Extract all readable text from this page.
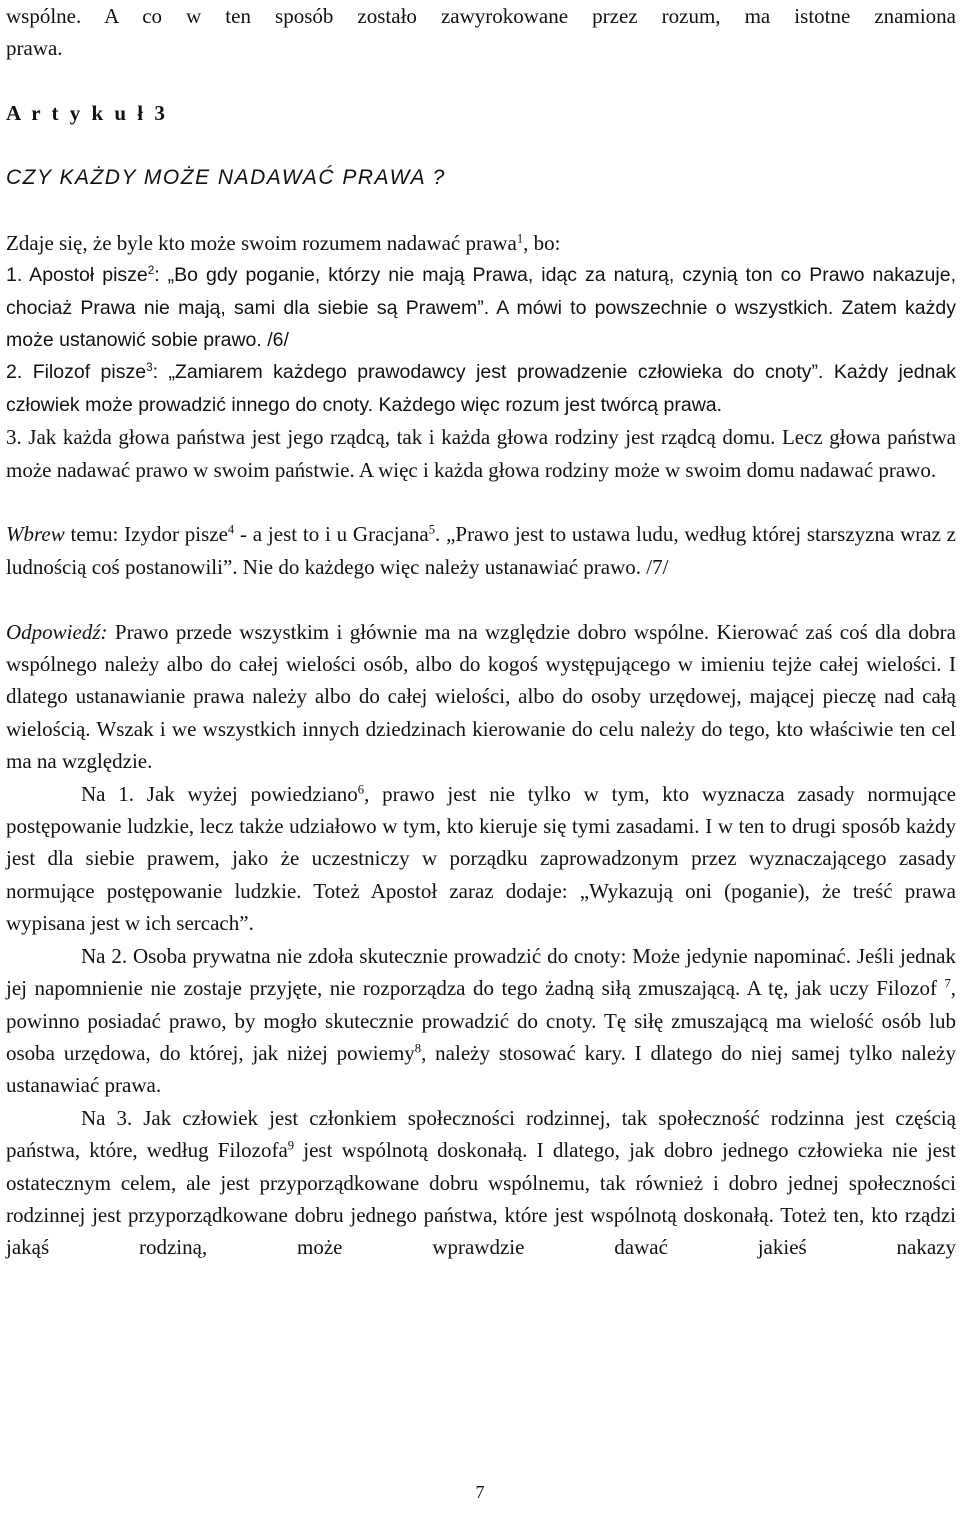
wspólne. A co w ten sposób zostało zawyrokowane przez rozum, ma istotne znamiona

prawa.

A r t y k u ł 3

CZY KAŻDY MOŻE NADAWAĆ PRAWA ?

Zdaje się, że byle kto może swoim rozumem nadawać prawa$^1$, bo:

1. Apostoł pisze$^2$: „Bo gdy poganie, którzy nie mają Prawa, idąc za naturą, czynią ton co Prawo nakazuje, chociaż Prawa nie mają, sami dla siebie są Prawem”. A mówi to powszechnie o wszystkich. Zatem każdy może ustanowić sobie prawo. /6/

2. Filozof pisze$^3$: „Zamiarem każdego prawodawcy jest prowadzenie człowieka do cnoty”. Każdy jednak człowiek może prowadzić innego do cnoty. Każdego więc rozum jest twórcą prawa.

3. Jak każda głowa państwa jest jego rządcą, tak i każda głowa rodziny jest rządcą domu. Lecz głowa państwa może nadawać prawo w swoim państwie. A więc i każda głowa rodziny może w swoim domu nadawać prawo.

Wbrew temu: Izydor pisze$^4$ - a jest to i u Gracjana$^5$. „Prawo jest to ustawa ludu, według której starszyzna wraz z ludnością coś postanowili”. Nie do każdego więc należy ustanawiać prawo. /7/

Odpowiedź: Prawo przede wszystkim i głównie ma na względzie dobro wspólne. Kierować zaś coś dla dobra wspólnego należy albo do całej wielości osób, albo do kogoś występującego w imieniu tejże całej wielości. I dlatego ustanawianie prawa należy albo do całej wielości, albo do osoby urzędowej, mającej pieczę nad całą wielością. Wszak i we wszystkich innych dziedzinach kierowanie do celu należy do tego, kto właściwie ten cel ma na względzie.

Na 1. Jak wyżej powiedziano$^6$, prawo jest nie tylko w tym, kto wyznacza zasady normujące postępowanie ludzkie, lecz także udziałowo w tym, kto kieruje się tymi zasadami. I w ten to drugi sposób każdy jest dla siebie prawem, jako że uczestniczy w porządku zaprowadzonym przez wyznaczającego zasady normujące postępowanie ludzkie. Toteż Apostoł zaraz dodaje: „Wykazują oni (poganie), że treść prawa wypisana jest w ich sercach”.

Na 2. Osoba prywatna nie zdoła skutecznie prowadzić do cnoty: Może jedynie napominać. Jeśli jednak jej napomnienie nie zostaje przyjęte, nie rozporządza do tego żadną siłą zmuszającą. A tę, jak uczy Filozof $^7$, powinno posiadać prawo, by mogło skutecznie prowadzić do cnoty. Tę siłę zmuszającą ma wielość osób lub osoba urzędowa, do której, jak niżej powiemy$^8$, należy stosować kary. I dlatego do niej samej tylko należy ustanawiać prawa.

Na 3. Jak człowiek jest członkiem społeczności rodzinnej, tak społeczność rodzinna jest częścią państwa, które, według Filozofa$^9$ jest wspólnotą doskonałą. I dlatego, jak dobro jednego człowieka nie jest ostatecznym celem, ale jest przyporządkowane dobru wspólnemu, tak również i dobro jednej społeczności rodzinnej jest przyporządkowane dobru jednego państwa, które jest wspólnotą doskonałą. Toteż ten, kto rządzi jakąś rodziną, może wprawdzie dawać jakieś nakazy

7
